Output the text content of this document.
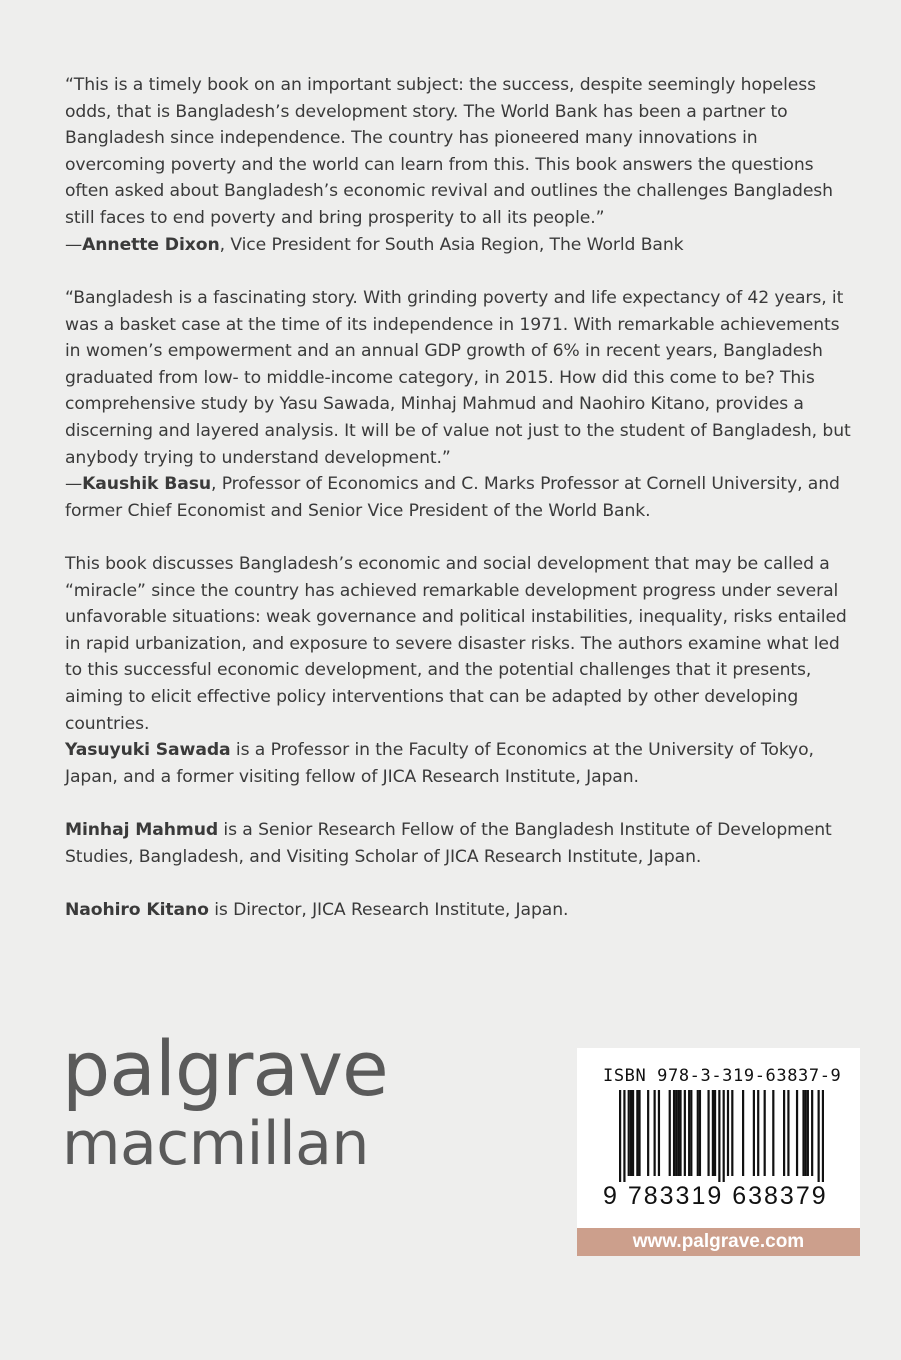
“This is a timely book on an important subject: the success, despite seemingly hopeless odds, that is Bangladesh’s development story. The World Bank has been a partner to Bangladesh since independence. The country has pioneered many innovations in overcoming poverty and the world can learn from this. This book answers the questions often asked about Bangladesh’s economic revival and outlines the challenges Bangladesh still faces to end poverty and bring prosperity to all its people.”

—Annette Dixon, Vice President for South Asia Region, The World Bank

“Bangladesh is a fascinating story. With grinding poverty and life expectancy of 42 years, it was a basket case at the time of its independence in 1971. With remarkable achievements in women’s empowerment and an annual GDP growth of 6% in recent years, Bangladesh graduated from low- to middle-income category, in 2015. How did this come to be? This comprehensive study by Yasu Sawada, Minhaj Mahmud and Naohiro Kitano, provides a discerning and layered analysis. It will be of value not just to the student of Bangladesh, but anybody trying to understand development.”

—Kaushik Basu, Professor of Economics and C. Marks Professor at Cornell University, and former Chief Economist and Senior Vice President of the World Bank.

This book discusses Bangladesh’s economic and social development that may be called a “miracle” since the country has achieved remarkable development progress under several unfavorable situations: weak governance and political instabilities, inequality, risks entailed in rapid urbanization, and exposure to severe disaster risks. The authors examine what led to this successful economic development, and the potential challenges that it presents, aiming to elicit effective policy interventions that can be adapted by other developing countries.

Yasuyuki Sawada is a Professor in the Faculty of Economics at the University of Tokyo, Japan, and a former visiting fellow of JICA Research Institute, Japan.

Minhaj Mahmud is a Senior Research Fellow of the Bangladesh Institute of Development Studies, Bangladesh, and Visiting Scholar of JICA Research Institute, Japan.

Naohiro Kitano is Director, JICA Research Institute, Japan.

palgrave
macmillan
ISBN 978-3-319-63837-9
9 783319 638379
www.palgrave.com
